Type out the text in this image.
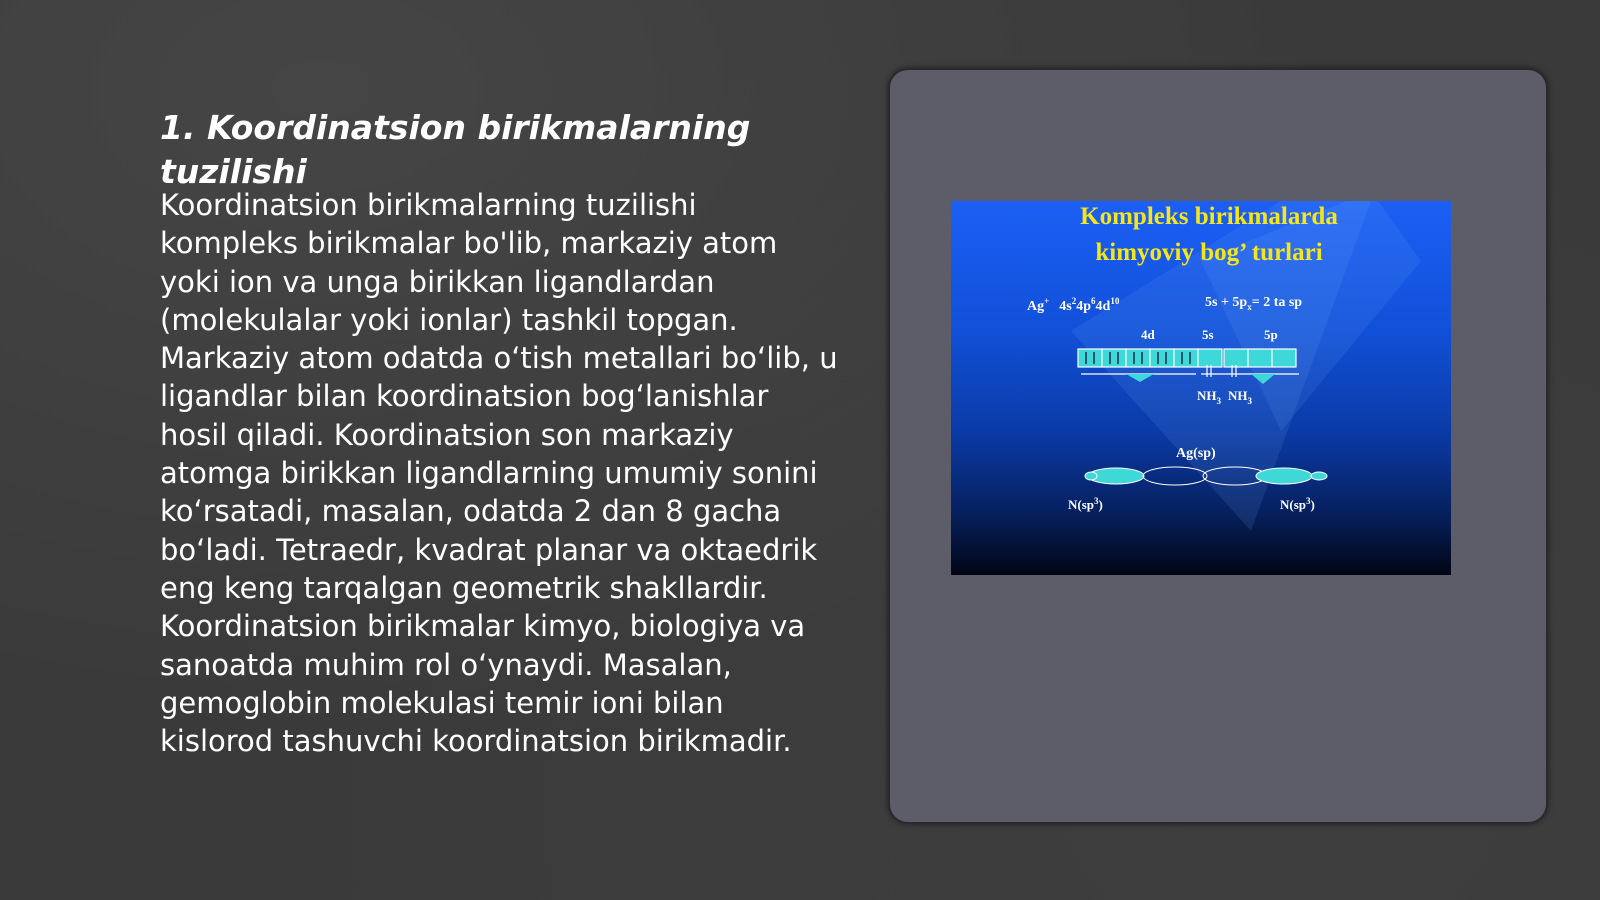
1. Koordinatsion birikmalarning tuzilishi

Koordinatsion birikmalarning tuzilishi kompleks birikmalar bo'lib, markaziy atom yoki ion va unga birikkan ligandlardan (molekulalar yoki ionlar) tashkil topgan. Markaziy atom odatda o‘tish metallari bo‘lib, u ligandlar bilan koordinatsion bog‘lanishlar hosil qiladi. Koordinatsion son markaziy atomga birikkan ligandlarning umumiy sonini ko‘rsatadi, masalan, odatda 2 dan 8 gacha bo‘ladi. Tetraedr, kvadrat planar va oktaedrik eng keng tarqalgan geometrik shakllardir. Koordinatsion birikmalar kimyo, biologiya va sanoatda muhim rol o‘ynaydi. Masalan, gemoglobin molekulasi temir ioni bilan kislorod tashuvchi koordinatsion birikmadir.

Kompleks birikmalarda
kimyoviy bog’ turlari
Ag+ $4s^24p^64d^{10}$	$5s + 5p_x= 2$ ta sp
4d	5s	5p
$NH_3$ $NH_3$
Ag(sp)
$N(sp^3)$	$N(sp^3)$
